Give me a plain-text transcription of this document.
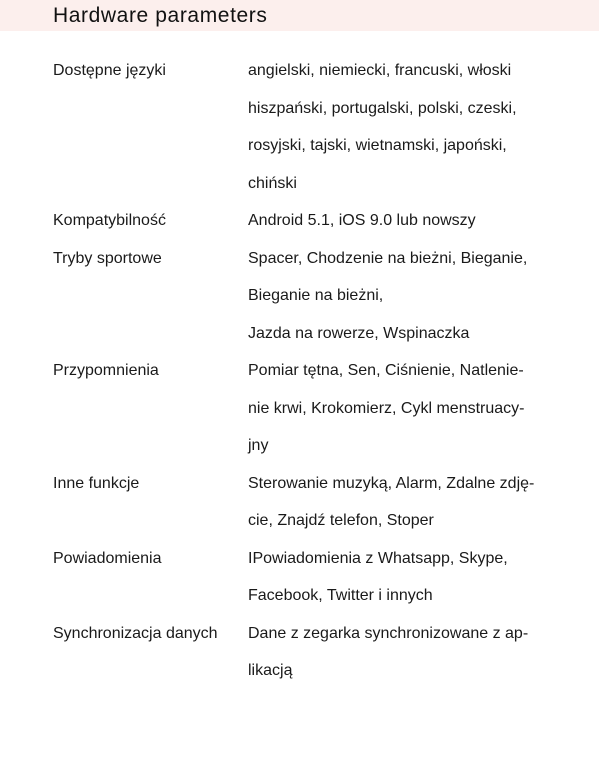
Hardware parameters
Dostępne języki	angielski, niemiecki, francuski, włoski
hiszpański, portugalski, polski, czeski,
rosyjski, tajski, wietnamski, japoński,
chiński
Kompatybilność	Android 5.1, iOS 9.0 lub nowszy
Tryby sportowe	Spacer, Chodzenie na bieżni, Bieganie,
Bieganie na bieżni,
Jazda na rowerze, Wspinaczka
Przypomnienia	Pomiar tętna, Sen, Ciśnienie, Natlenie-
nie krwi, Krokomierz, Cykl menstruacy-
jny
Inne funkcje	Sterowanie muzyką, Alarm, Zdalne zdję-
cie, Znajdź telefon, Stoper
Powiadomienia	IPowiadomienia z Whatsapp, Skype,
Facebook, Twitter i innych
Synchronizacja danych	Dane z zegarka synchronizowane z ap-
likacją
